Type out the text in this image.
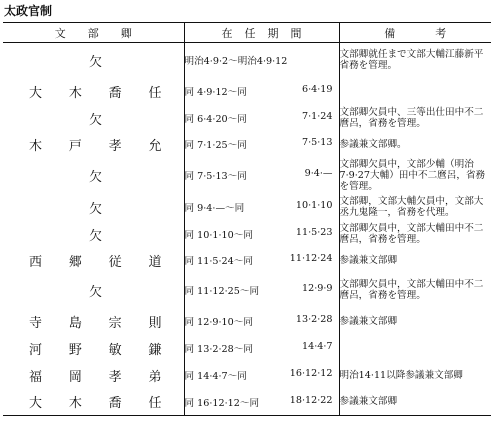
太政官制
文部卿	在任期間	備考

欠	明治4·9·2〜明治4·9·12	文部卿就任まで文部大輔江藤新平省務を管理。

大 木 喬 任	同 4·9·12〜同 6·4·19	

欠	同 6·4·20〜同 7·1·24	文部卿欠員中、三等出仕田中不二麿呂，省務を管理。

木 戸 孝 允	同 7·1·25〜同 7·5·13	参議兼文部卿。

欠	同 7·5·13〜同 9·4·—	文部卿欠員中，文部少輔（明治7·9·27大輔）田中不二麿呂，省務を管理。

欠	同 9·4·—〜同 10·1·10	文部卿，文部大輔欠員中，文部大丞九鬼隆一，省務を代理。

欠	同 10·1·10〜同 11·5·23	文部卿欠員中，文部大輔田中不二麿呂，省務を管理。

西 郷 従 道	同 11·5·24〜同 11·12·24	参議兼文部卿

欠	同 11·12·25〜同 12·9·9	文部卿欠員中，文部大輔田中不二麿呂，省務を管理。

寺 島 宗 則	同 12·9·10〜同 13·2·28	参議兼文部卿

河 野 敏 鎌	同 13·2·28〜同 14·4·7	

福 岡 孝 弟	同 14·4·7〜同 16·12·12	明治14·11以降参議兼文部卿

大 木 喬 任	同 16·12·12〜同 18·12·22	参議兼文部卿
